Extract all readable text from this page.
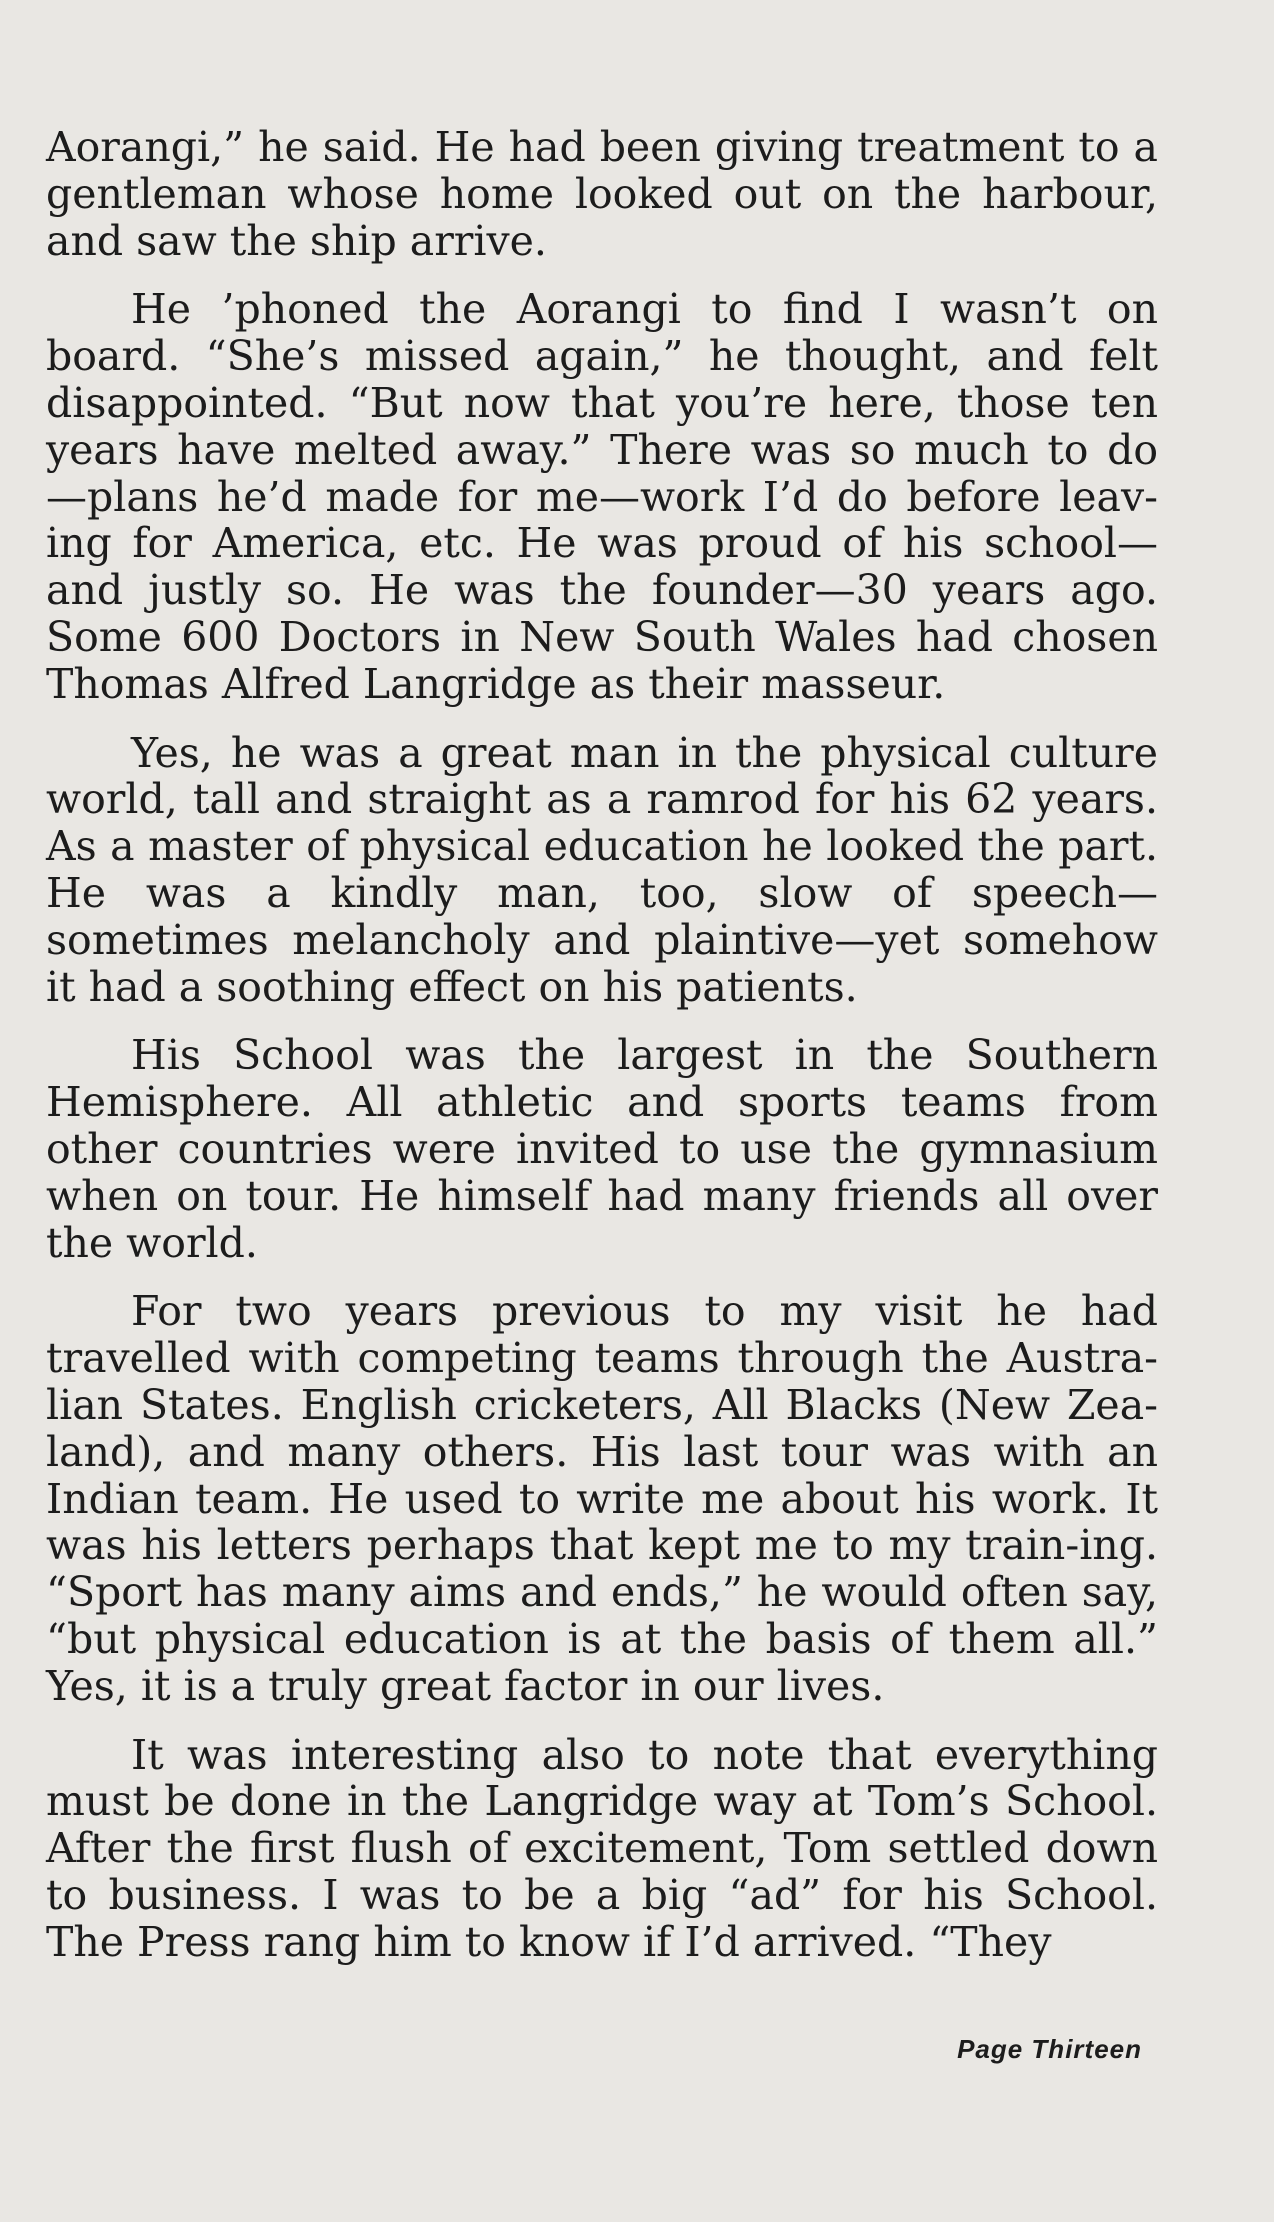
Aorangi,” he said. He had been giving treatment to a gentleman whose home looked out on the harbour, and saw the ship arrive.

He ’phoned the Aorangi to find I wasn’t on board. “She’s missed again,” he thought, and felt disappointed. “But now that you’re here, those ten years have melted away.” There was so much to do —plans he’d made for me—work I’d do before leav-ing for America, etc. He was proud of his school— and justly so. He was the founder—30 years ago. Some 600 Doctors in New South Wales had chosen Thomas Alfred Langridge as their masseur.

Yes, he was a great man in the physical culture world, tall and straight as a ramrod for his 62 years. As a master of physical education he looked the part. He was a kindly man, too, slow of speech—sometimes melancholy and plaintive—yet somehow it had a soothing effect on his patients.

His School was the largest in the Southern Hemisphere. All athletic and sports teams from other countries were invited to use the gymnasium when on tour. He himself had many friends all over the world.

For two years previous to my visit he had travelled with competing teams through the Austra-lian States. English cricketers, All Blacks (New Zea-land), and many others. His last tour was with an Indian team. He used to write me about his work. It was his letters perhaps that kept me to my train-ing. “Sport has many aims and ends,” he would often say, “but physical education is at the basis of them all.” Yes, it is a truly great factor in our lives.

It was interesting also to note that everything must be done in the Langridge way at Tom’s School. After the first flush of excitement, Tom settled down to business. I was to be a big “ad” for his School. The Press rang him to know if I’d arrived. “They

Page Thirteen
